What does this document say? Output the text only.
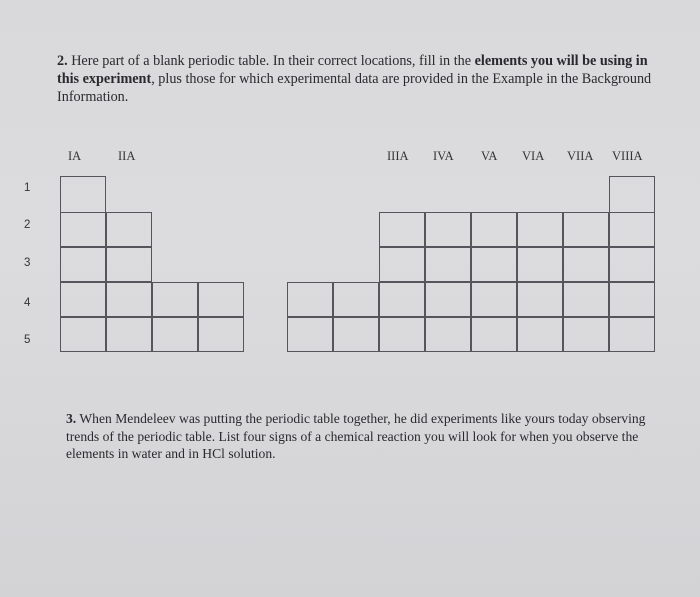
2. Here part of a blank periodic table. In their correct locations, fill in the elements you will be using in this experiment, plus those for which experimental data are provided in the Example in the Background Information.
IA	IIA	IIIA IVA VA VIA VIIA VIIIA
1
2
3
4
5
3. When Mendeleev was putting the periodic table together, he did experiments like yours today observing trends of the periodic table. List four signs of a chemical reaction you will look for when you observe the elements in water and in HCl solution.
